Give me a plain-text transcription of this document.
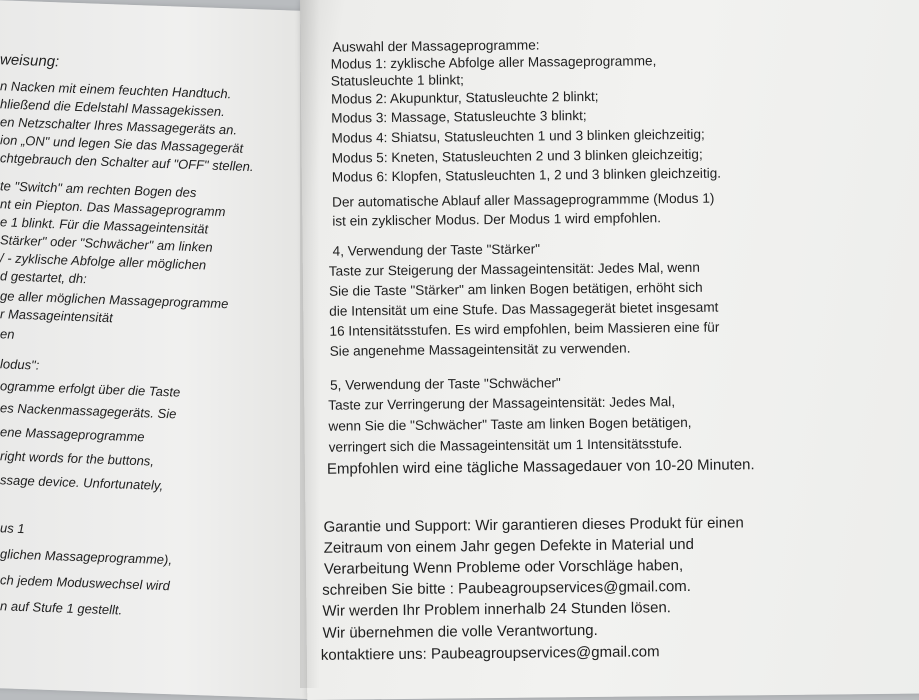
weisung:
n Nacken mit einem feuchten Handtuch.
hließend die Edelstahl Massagekissen.
en Netzschalter Ihres Massagegeräts an.
ion „ON" und legen Sie das Massagegerät
chtgebrauch den Schalter auf "OFF" stellen.
te "Switch" am rechten Bogen des
nt ein Piepton. Das Massageprogramm
e 1 blinkt. Für die Massageintensität
Stärker" oder "Schwächer" am linken
/ - zyklische Abfolge aller möglichen
d gestartet, dh:
ge aller möglichen Massageprogramme
r Massageintensität
en
lodus":
ogramme erfolgt über die Taste
es Nackenmassagegeräts. Sie
ene Massageprogramme
right words for the buttons,
ssage device. Unfortunately,
us 1
glichen Massageprogramme),
ch jedem Moduswechsel wird
n auf Stufe 1 gestellt.
Auswahl der Massageprogramme:
Modus 1: zyklische Abfolge aller Massageprogramme,
Statusleuchte 1 blinkt;
Modus 2: Akupunktur, Statusleuchte 2 blinkt;
Modus 3: Massage, Statusleuchte 3 blinkt;
Modus 4: Shiatsu, Statusleuchten 1 und 3 blinken gleichzeitig;
Modus 5: Kneten, Statusleuchten 2 und 3 blinken gleichzeitig;
Modus 6: Klopfen, Statusleuchten 1, 2 und 3 blinken gleichzeitig.
Der automatische Ablauf aller Massageprogrammme (Modus 1)
ist ein zyklischer Modus. Der Modus 1 wird empfohlen.
4, Verwendung der Taste "Stärker"
Taste zur Steigerung der Massageintensität: Jedes Mal, wenn
Sie die Taste "Stärker" am linken Bogen betätigen, erhöht sich
die Intensität um eine Stufe. Das Massagegerät bietet insgesamt
16 Intensitätsstufen. Es wird empfohlen, beim Massieren eine für
Sie angenehme Massageintensität zu verwenden.
5, Verwendung der Taste "Schwächer"
Taste zur Verringerung der Massageintensität: Jedes Mal,
wenn Sie die "Schwächer" Taste am linken Bogen betätigen,
verringert sich die Massageintensität um 1 Intensitätsstufe.
Empfohlen wird eine tägliche Massagedauer von 10-20 Minuten.
Garantie und Support: Wir garantieren dieses Produkt für einen
Zeitraum von einem Jahr gegen Defekte in Material und
Verarbeitung Wenn Probleme oder Vorschläge haben,
schreiben Sie bitte : Paubeagroupservices@gmail.com.
Wir werden Ihr Problem innerhalb 24 Stunden lösen.
Wir übernehmen die volle Verantwortung.
kontaktiere uns: Paubeagroupservices@gmail.com
